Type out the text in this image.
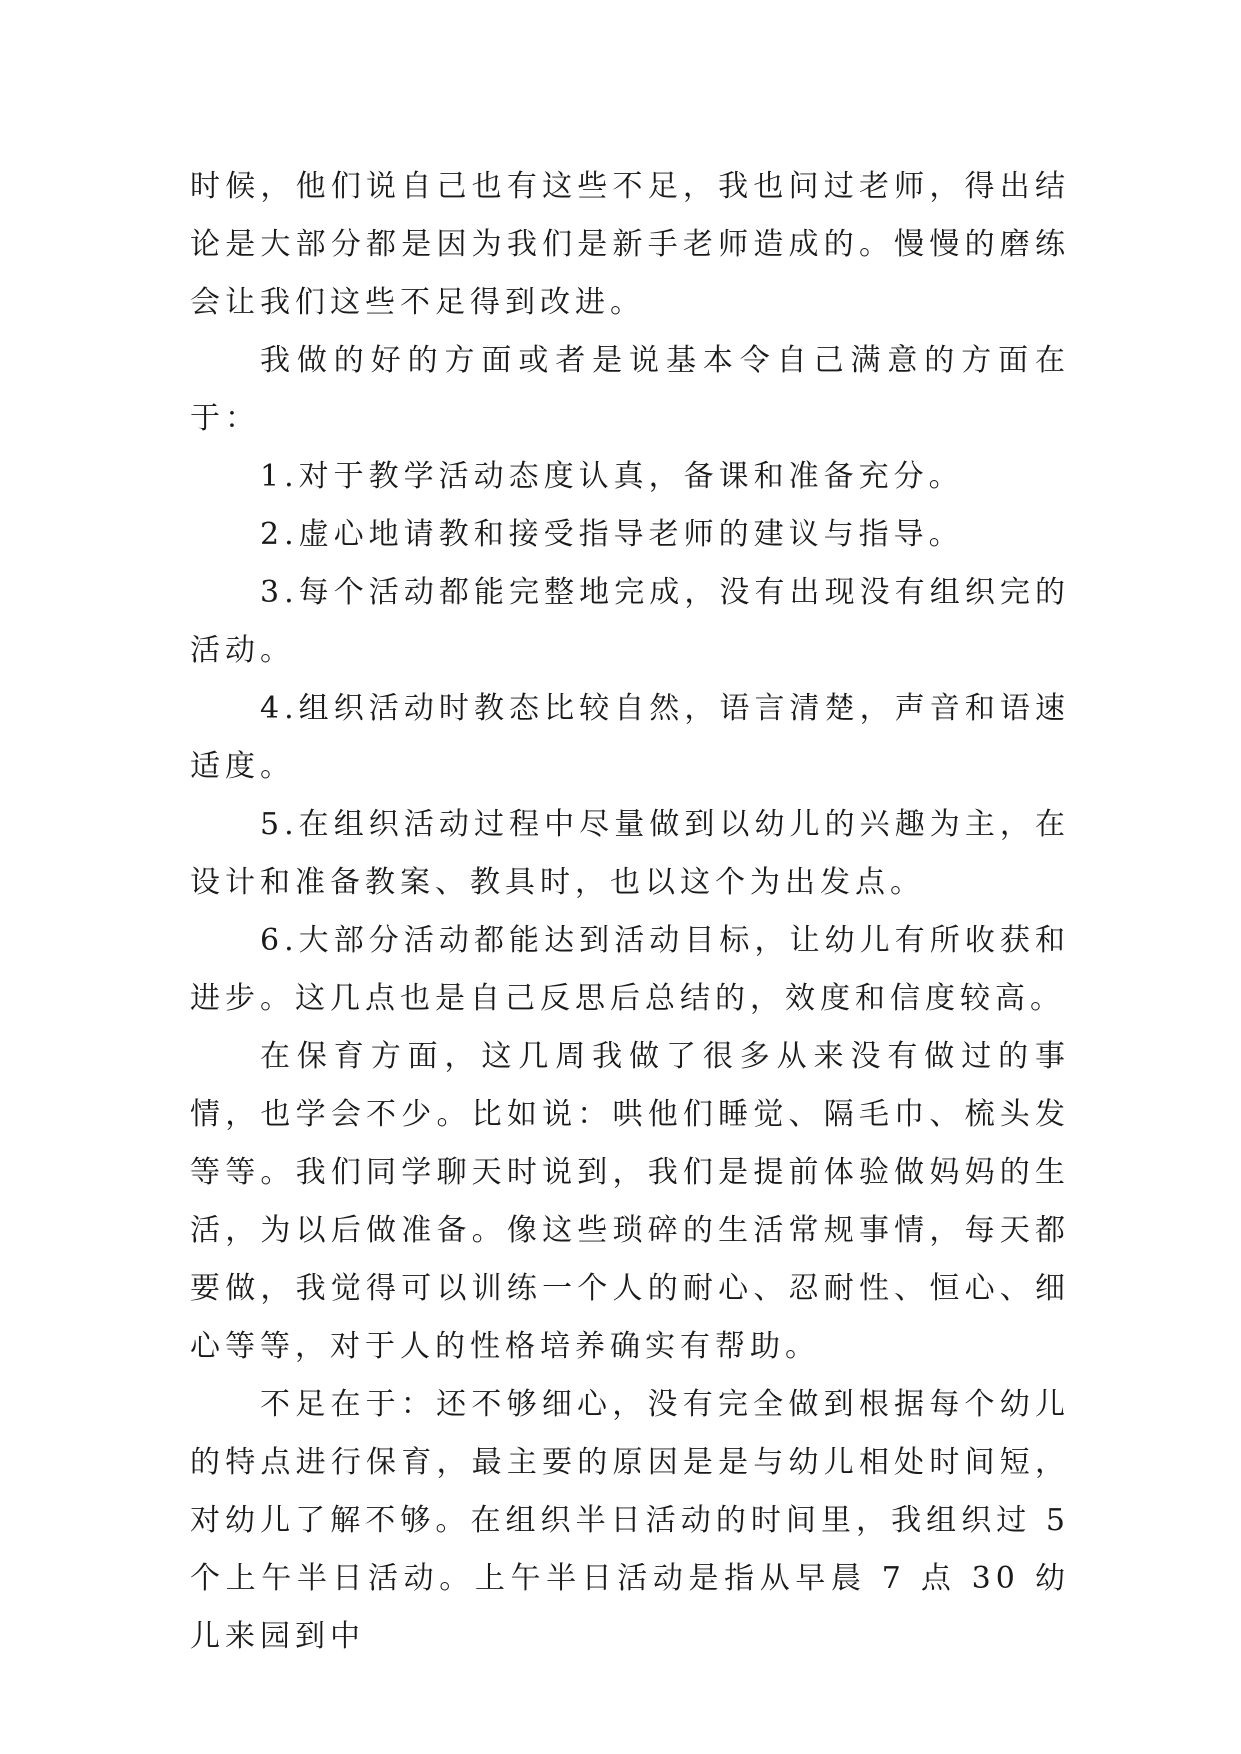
时候，他们说自己也有这些不足，我也问过老师，得出结论是大部分都是因为我们是新手老师造成的。慢慢的磨练会让我们这些不足得到改进。

我做的好的方面或者是说基本令自己满意的方面在于：

1.对于教学活动态度认真，备课和准备充分。

2.虚心地请教和接受指导老师的建议与指导。

3.每个活动都能完整地完成，没有出现没有组织完的活动。

4.组织活动时教态比较自然，语言清楚，声音和语速适度。

5.在组织活动过程中尽量做到以幼儿的兴趣为主，在设计和准备教案、教具时，也以这个为出发点。

6.大部分活动都能达到活动目标，让幼儿有所收获和进步。这几点也是自己反思后总结的，效度和信度较高。

在保育方面，这几周我做了很多从来没有做过的事情，也学会不少。比如说：哄他们睡觉、隔毛巾、梳头发等等。我们同学聊天时说到，我们是提前体验做妈妈的生活，为以后做准备。像这些琐碎的生活常规事情，每天都要做，我觉得可以训练一个人的耐心、忍耐性、恒心、细心等等，对于人的性格培养确实有帮助。

不足在于：还不够细心，没有完全做到根据每个幼儿的特点进行保育，最主要的原因是是与幼儿相处时间短，对幼儿了解不够。在组织半日活动的时间里，我组织过 5 个上午半日活动。上午半日活动是指从早晨 7 点 30 幼儿来园到中
